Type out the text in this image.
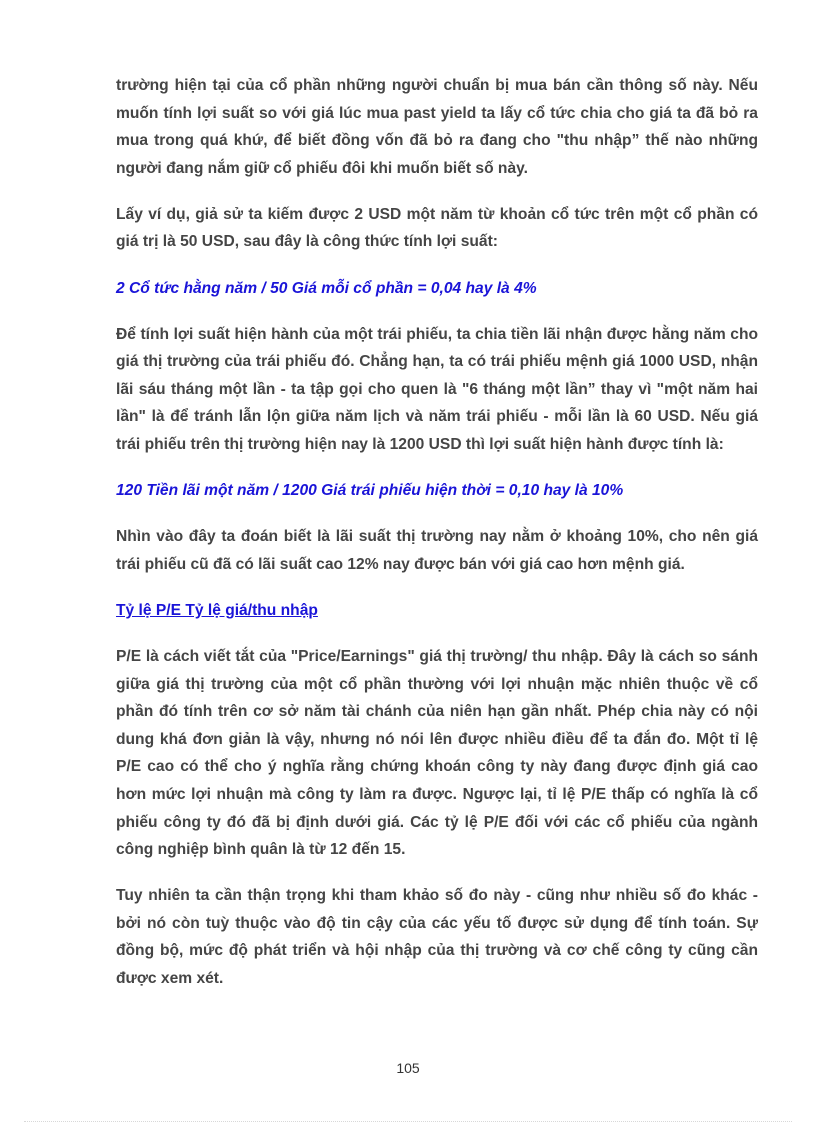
trường hiện tại của cổ phần những người chuẩn bị mua bán cần thông số này. Nếu muốn tính lợi suất so với giá lúc mua past yield ta lấy cổ tức chia cho giá ta đã bỏ ra mua trong quá khứ, để biết đồng vốn đã bỏ ra đang cho "thu nhập” thế nào những người đang nắm giữ cổ phiếu đôi khi muốn biết số này.

Lấy ví dụ, giả sử ta kiếm được 2 USD một năm từ khoản cổ tức trên một cổ phần có giá trị là 50 USD, sau đây là công thức tính lợi suất:

2 Cổ tức hằng năm / 50 Giá mỗi cổ phần = 0,04 hay là 4%

Để tính lợi suất hiện hành của một trái phiếu, ta chia tiền lãi nhận được hằng năm cho giá thị trường của trái phiếu đó. Chẳng hạn, ta có trái phiếu mệnh giá 1000 USD, nhận lãi sáu tháng một lần - ta tập gọi cho quen là "6 tháng một lần” thay vì "một năm hai lần" là để tránh lẫn lộn giữa năm lịch và năm trái phiếu - mỗi lần là 60 USD. Nếu giá trái phiếu trên thị trường hiện nay là 1200 USD thì lợi suất hiện hành được tính là:

120 Tiền lãi một năm / 1200 Giá trái phiếu hiện thời = 0,10 hay là 10%

Nhìn vào đây ta đoán biết là lãi suất thị trường nay nằm ở khoảng 10%, cho nên giá trái phiếu cũ đã có lãi suất cao 12% nay được bán với giá cao hơn mệnh giá.

Tỷ lệ P/E Tỷ lệ giá/thu nhập

P/E là cách viết tắt của "Price/Earnings" giá thị trường/ thu nhập. Đây là cách so sánh giữa giá thị trường của một cổ phần thường với lợi nhuận mặc nhiên thuộc về cổ phần đó tính trên cơ sở năm tài chánh của niên hạn gần nhất. Phép chia này có nội dung khá đơn giản là vậy, nhưng nó nói lên được nhiều điều để ta đắn đo. Một tỉ lệ P/E cao có thể cho ý nghĩa rằng chứng khoán công ty này đang được định giá cao hơn mức lợi nhuận mà công ty làm ra được. Ngược lại, tỉ lệ P/E thấp có nghĩa là cổ phiếu công ty đó đã bị định dưới giá. Các tỷ lệ P/E đối với các cổ phiếu của ngành công nghiệp bình quân là từ 12 đến 15.

Tuy nhiên ta cần thận trọng khi tham khảo số đo này - cũng như nhiều số đo khác - bởi nó còn tuỳ thuộc vào độ tin cậy của các yếu tố được sử dụng để tính toán. Sự đồng bộ, mức độ phát triển và hội nhập của thị trường và cơ chế công ty cũng cần được xem xét.

105
